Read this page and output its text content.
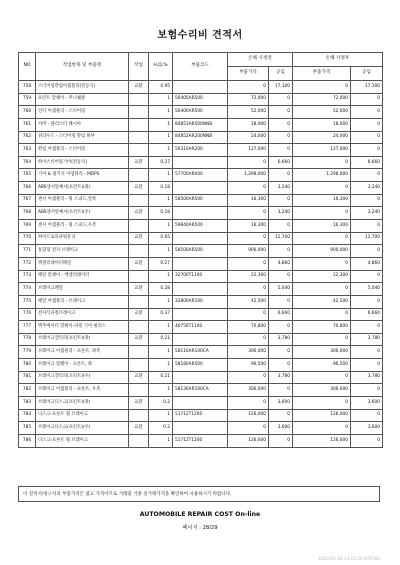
보험수리비 견적서
NO	작업항목 및 부품명	작업	H,Q,%	부품코드	손해 사정전		손해 사정후	
					부품가격	공임	부품가격	공임
758	스티어링칼럼어셈블리(전동식)	교환	0.95		0	17,100	0	17,100
759	프런트 맞쇄이 - 무니쉐클		1	56405AR500	72,000	0	72,000	0
760	인터 어셈블리 - 스티어링		1	56400AR500	52,000	0	52,000	0
761	커버 - 클러스터 패시아		1	84853AR500NNB	18,000	0	18,000	0
762	쉬라우드 - 스티어링 칼럼 하부		1	84852AR200NNB	24,000	0	24,000	0
763	칼럼 어셈블리 - 스티어링		1	56310AR200	127,000	0	127,000	0
764	하이스티어링기어(전동식)	교환	0.37		0	6,660	0	6,660
765	기어 & 링키지 어셈블리 - MDPS		1	57700AR000	1,298,000	0	1,298,000	0
766	ABS센서앞쎄서(프런트)(좌)	교환	0.18		0	3,240	0	3,240
767	센서 어셈블리 - 휠 스피드,앞쪽		1	58500AR500	16,300	0	16,300	0
768	ABS센서앞쎄서(프런트)(우)	교환	0.18		0	3,240	0	3,240
769	센서 어셈블리 - 휠 스피드,우측		1	59840AR500	16,300	0	16,300	0
770	하이드로릭파워유닛	교환	0.65		0	11,700	0	11,700
771	통합형 전자 브레이크		1	58500AR500	900,000	0	900,000	0
772	액셀러레이터페달	교환	0.27		0	4,860	0	4,860
773	페달 맞쇄이 - 액셀러레이터		1	32700T1100	22,300	0	22,300	0
774	브레이크페달	교환	0.28		0	5,040	0	5,040
775	페달 어셈블리 - 브레이크		1	32800AR100	42,500	0	42,500	0
776	전자식파킹브레이크	교환	0.37		0	6,660	0	6,660
777	액추에이터 맞쇄이-파킹 기어 필러스		1	46756T1100	70,800	0	70,800	0
778	브레이크캘리퍼(프런트)(좌)	교환	0.21		0	3,780	0	3,780
779	브레이크 어셈블리 - 프론트, 좌측		1	58110AR100CA	306,000	0	306,000	0
780	브레이크 맞쇄이 - 프론트, 좌		1	58180AR500	96,500	0	96,500	0
781	브레이크캘리퍼(프런트)(우)	교환	0.21		0	3,780	0	3,780
782	브레이크 어셈블리 - 프론트, 우측		1	58130AR100CA	306,000	0	306,000	0
783	브레이크디스크(프런트)(좌)	교환	0.2		0	3,600	0	3,600
784	디스크-프론트 휠 브레이크		1	51712T1200	126,000	0	126,000	0
785	브레이크디스크(프런트)(우)	교환	0.2		0	3,600	0	3,600
786	디스크-프론트 휠 브레이크		1	51712T1200	126,000	0	126,000	0
이 견적서/청구서의 부품가격은 참고 가격이므로 거래및 거종 실거래가격을 확인하여 사용하시기 바랍니다.
AUTOMOBILE REPAIR COST On-line
페이지 : 28/29
2023-03-18 14:15:29 870786
